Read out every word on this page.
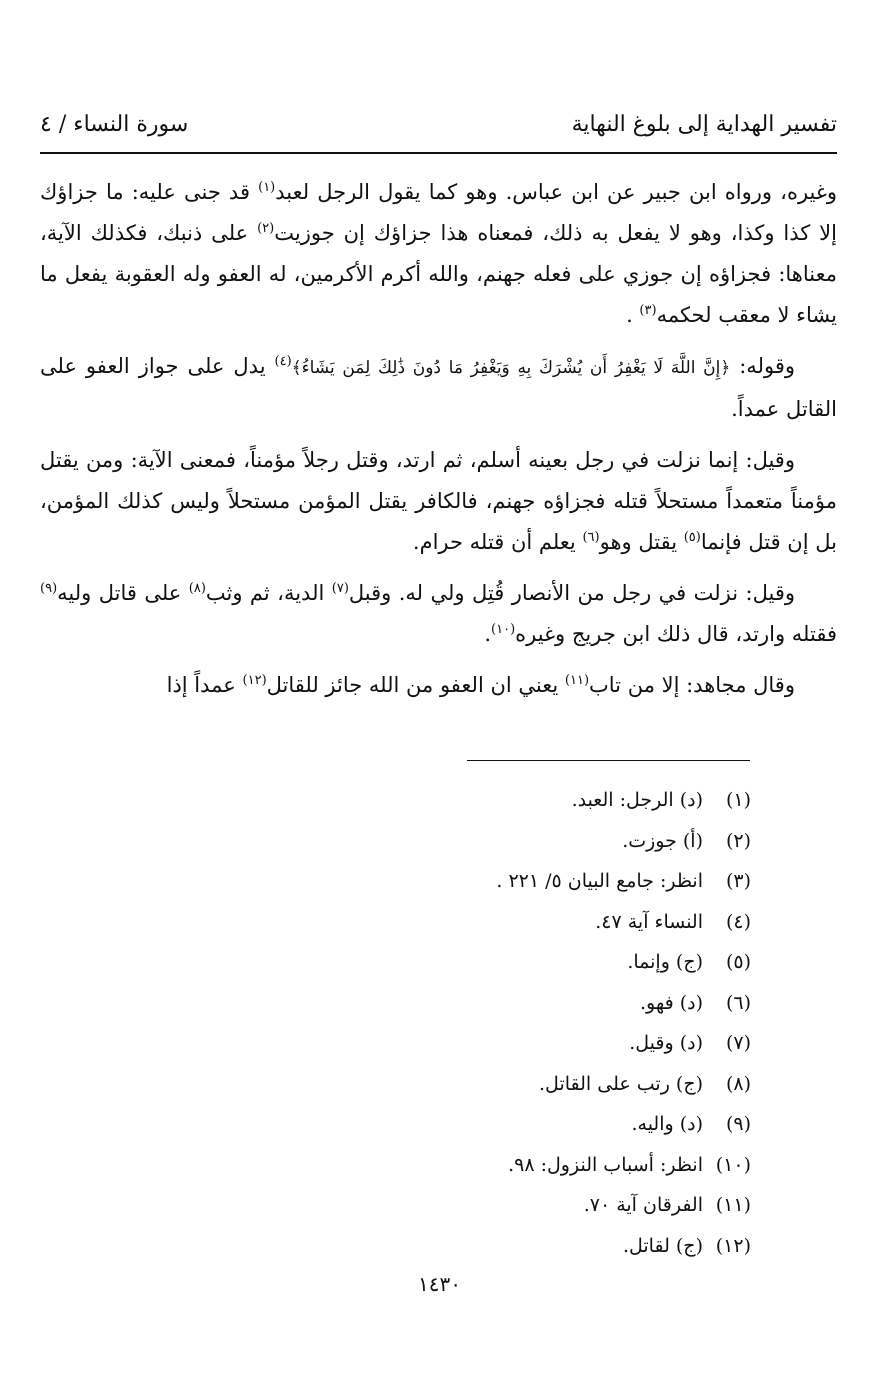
تفسير الهداية إلى بلوغ النهاية
سورة النساء / ٤

وغيره، ورواه ابن جبير عن ابن عباس. وهو كما يقول الرجل لعبد$^{(١)}$ قد جنى عليه: ما جزاؤك إلا كذا وكذا، وهو لا يفعل به ذلك، فمعناه هذا جزاؤك إن جوزيت$^{(٢)}$ على ذنبك، فكذلك الآية، معناها: فجزاؤه إن جوزي على فعله جهنم، والله أكرم الأكرمين، له العفو وله العقوبة يفعل ما يشاء لا معقب لحكمه$^{(٣)}$ .

وقوله: ﴿إِنَّ اللَّهَ لَا يَغْفِرُ أَن يُشْرَكَ بِهِ وَيَغْفِرُ مَا دُونَ ذَٰلِكَ لِمَن يَشَاءُ﴾$^{(٤)}$ يدل على جواز العفو على القاتل عمداً.

وقيل: إنما نزلت في رجل بعينه أسلم، ثم ارتد، وقتل رجلاً مؤمناً، فمعنى الآية: ومن يقتل مؤمناً متعمداً مستحلاً قتله فجزاؤه جهنم، فالكافر يقتل المؤمن مستحلاً وليس كذلك المؤمن، بل إن قتل فإنما$^{(٥)}$ يقتل وهو$^{(٦)}$ يعلم أن قتله حرام.

وقيل: نزلت في رجل من الأنصار قُتِل ولي له. وقبل$^{(٧)}$ الدية، ثم وثب$^{(٨)}$ على قاتل وليه$^{(٩)}$ فقتله وارتد، قال ذلك ابن جريج وغيره$^{(١٠)}$.

وقال مجاهد: إلا من تاب$^{(١١)}$ يعني ان العفو من الله جائز للقاتل$^{(١٢)}$ عمداً إذا

(١)(د) الرجل: العبد.
(٢)(أ) جوزت.
(٣)انظر: جامع البيان ٥/ ٢٢١ .
(٤)النساء آية ٤٧.
(٥)(ج) وإنما.
(٦)(د) فهو.
(٧)(د) وقيل.
(٨)(ج) رتب على القاتل.
(٩)(د) واليه.
(١٠)انظر: أسباب النزول: ٩٨.
(١١)الفرقان آية ٧٠.
(١٢)(ج) لقاتل.
١٤٣٠
